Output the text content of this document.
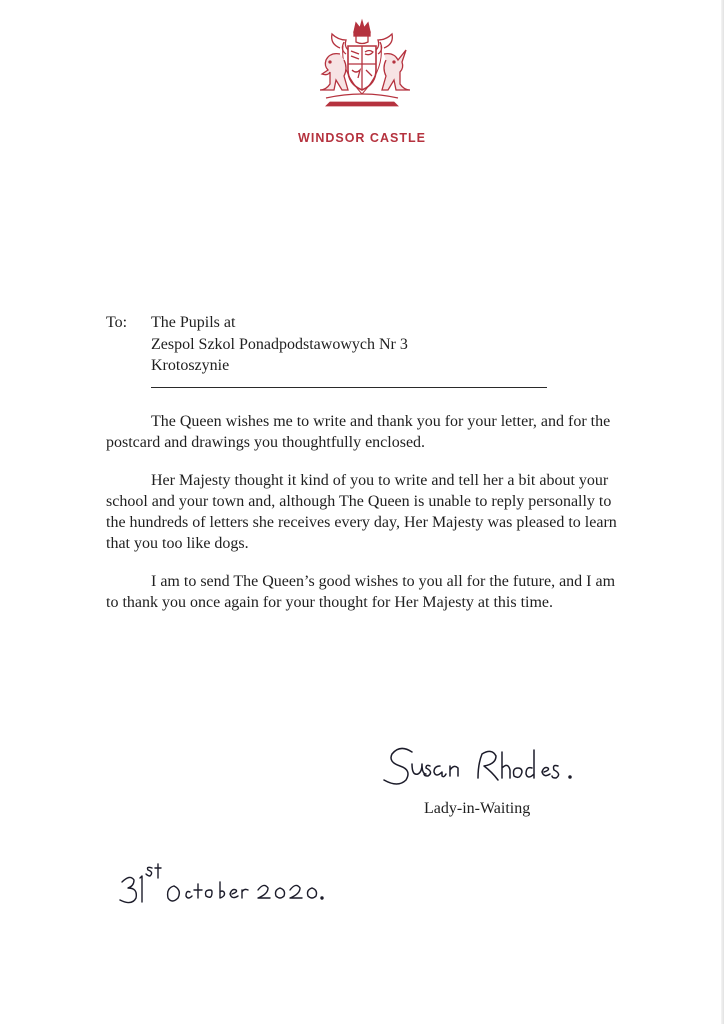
WINDSOR CASTLE
To: The Pupils at
Zespol Szkol Ponadpodstawowych Nr 3
Krotoszynie

The Queen wishes me to write and thank you for your letter, and for the postcard and drawings you thoughtfully enclosed.

Her Majesty thought it kind of you to write and tell her a bit about your school and your town and, although The Queen is unable to reply personally to the hundreds of letters she receives every day, Her Majesty was pleased to learn that you too like dogs.

I am to send The Queen’s good wishes to you all for the future, and I am to thank you once again for your thought for Her Majesty at this time.

Lady-in-Waiting
